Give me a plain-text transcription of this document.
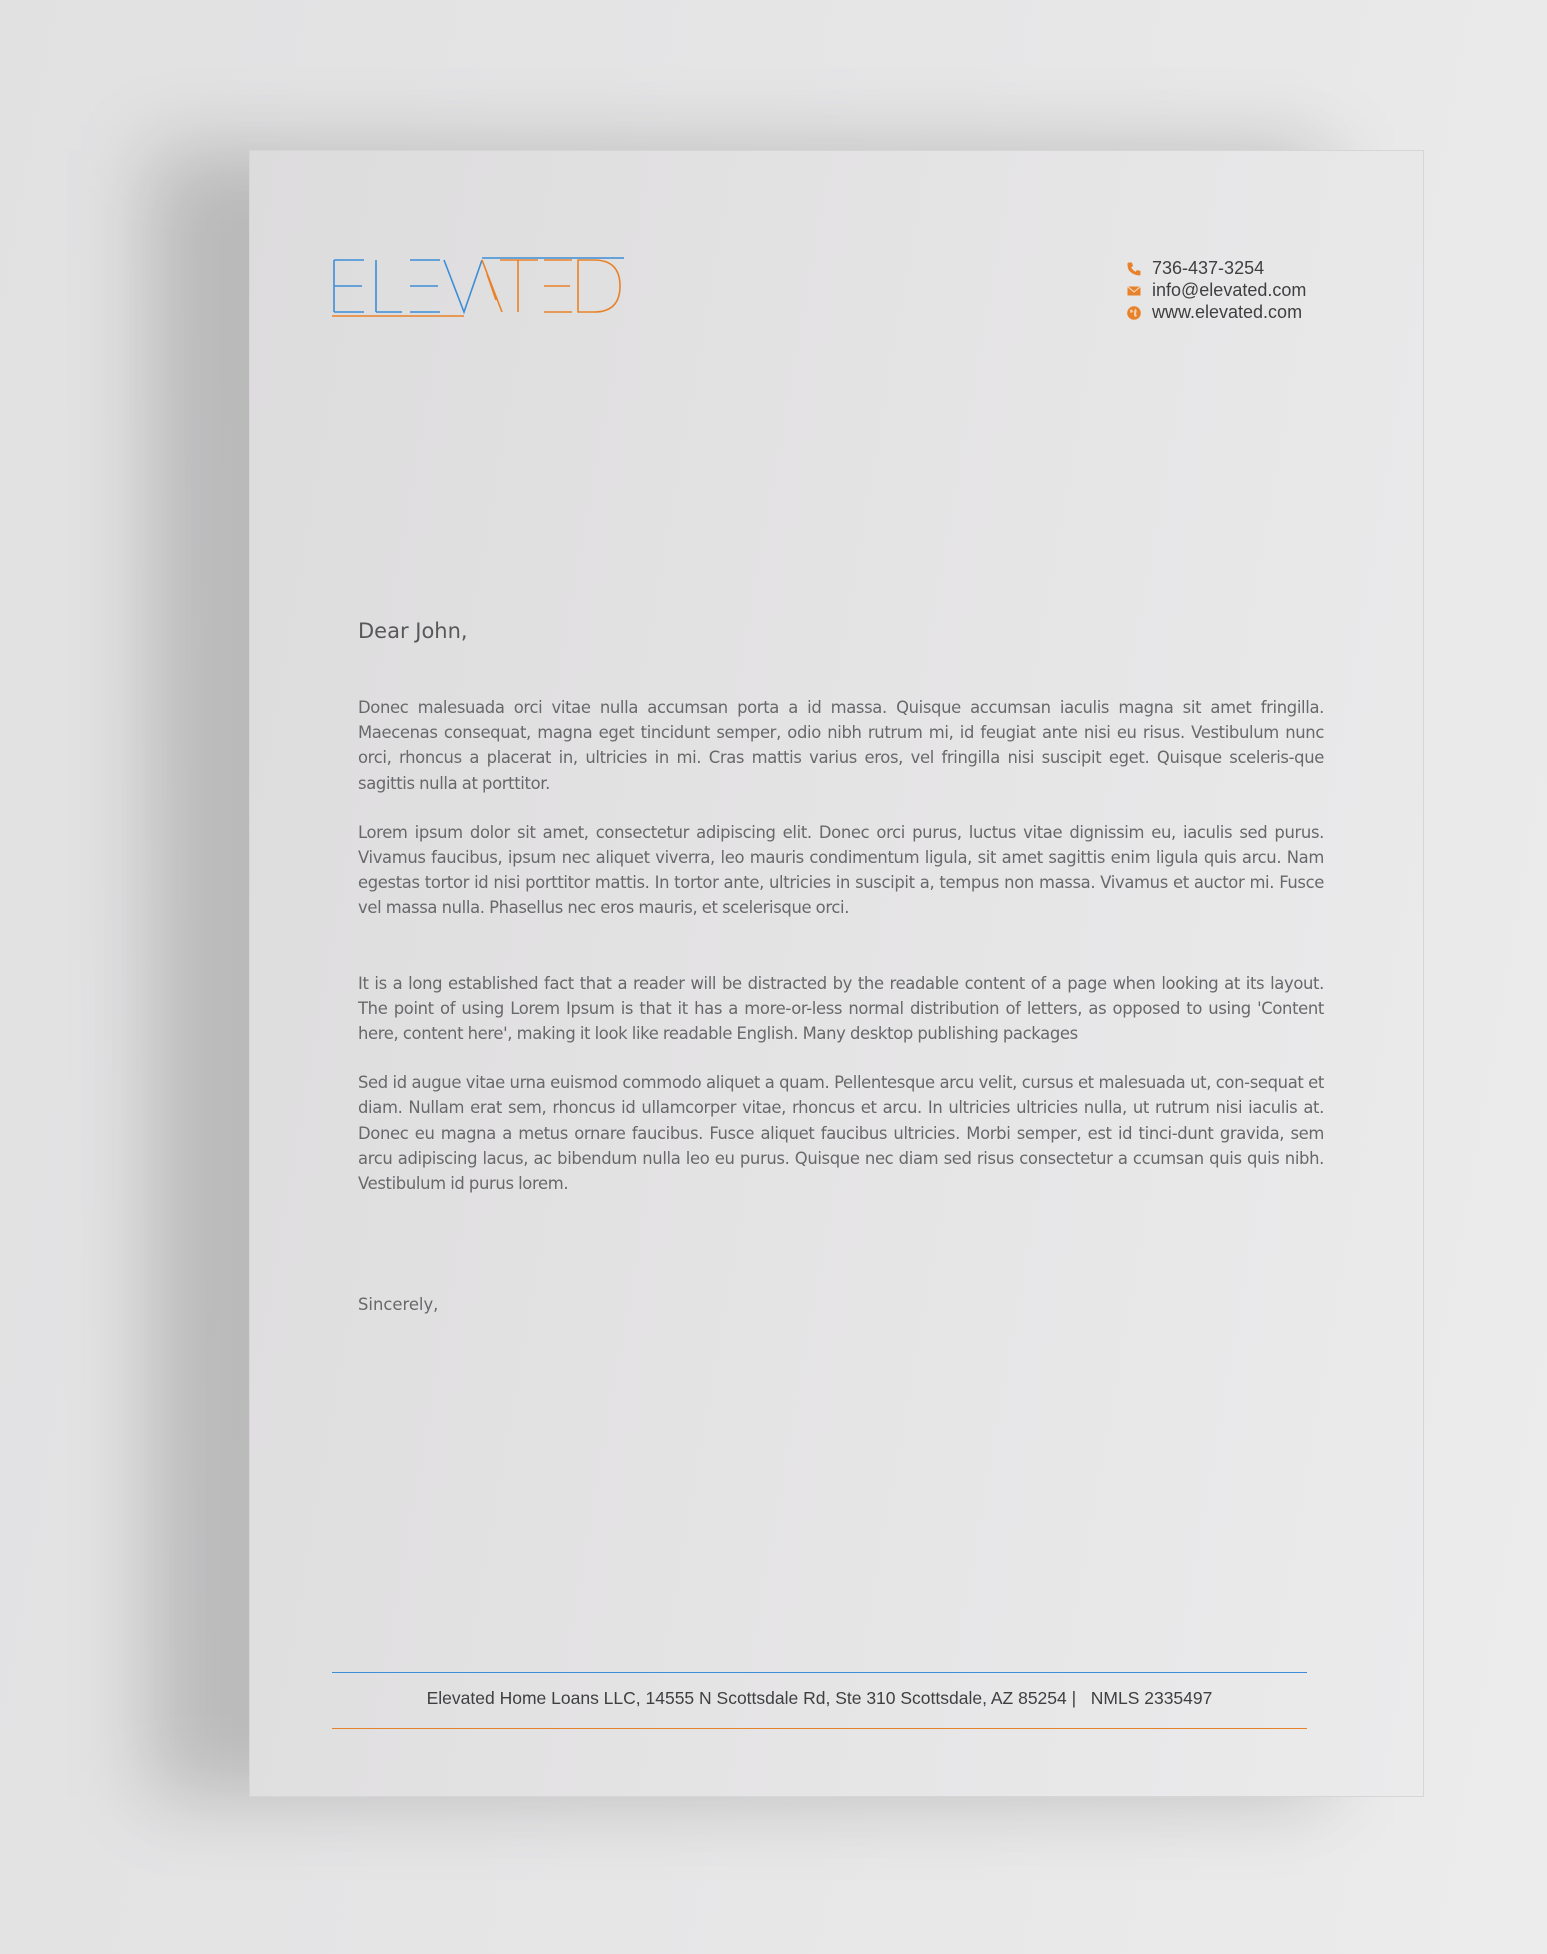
736-437-3254
info@elevated.com
www.elevated.com

Dear John,

Donec malesuada orci vitae nulla accumsan porta a id massa. Quisque accumsan iaculis magna sit amet fringilla. Maecenas consequat, magna eget tincidunt semper, odio nibh rutrum mi, id feugiat ante nisi eu risus. Vestibulum nunc orci, rhoncus a placerat in, ultricies in mi. Cras mattis varius eros, vel fringilla nisi suscipit eget. Quisque sceleris-que sagittis nulla at porttitor.

Lorem ipsum dolor sit amet, consectetur adipiscing elit. Donec orci purus, luctus vitae dignissim eu, iaculis sed purus. Vivamus faucibus, ipsum nec aliquet viverra, leo mauris condimentum ligula, sit amet sagittis enim ligula quis arcu. Nam egestas tortor id nisi porttitor mattis. In tortor ante, ultricies in suscipit a, tempus non massa. Vivamus et auctor mi. Fusce vel massa nulla. Phasellus nec eros mauris, et scelerisque orci.

It is a long established fact that a reader will be distracted by the readable content of a page when looking at its layout. The point of using Lorem Ipsum is that it has a more-or-less normal distribution of letters, as opposed to using 'Content here, content here', making it look like readable English. Many desktop publishing packages

Sed id augue vitae urna euismod commodo aliquet a quam. Pellentesque arcu velit, cursus et malesuada ut, con-sequat et diam. Nullam erat sem, rhoncus id ullamcorper vitae, rhoncus et arcu. In ultricies ultricies nulla, ut rutrum nisi iaculis at. Donec eu magna a metus ornare faucibus. Fusce aliquet faucibus ultricies. Morbi semper, est id tinci-dunt gravida, sem arcu adipiscing lacus, ac bibendum nulla leo eu purus. Quisque nec diam sed risus consectetur a ccumsan quis quis nibh. Vestibulum id purus lorem.

Sincerely,
Elevated Home Loans LLC, 14555 N Scottsdale Rd, Ste 310 Scottsdale, AZ 85254 |   NMLS 2335497
